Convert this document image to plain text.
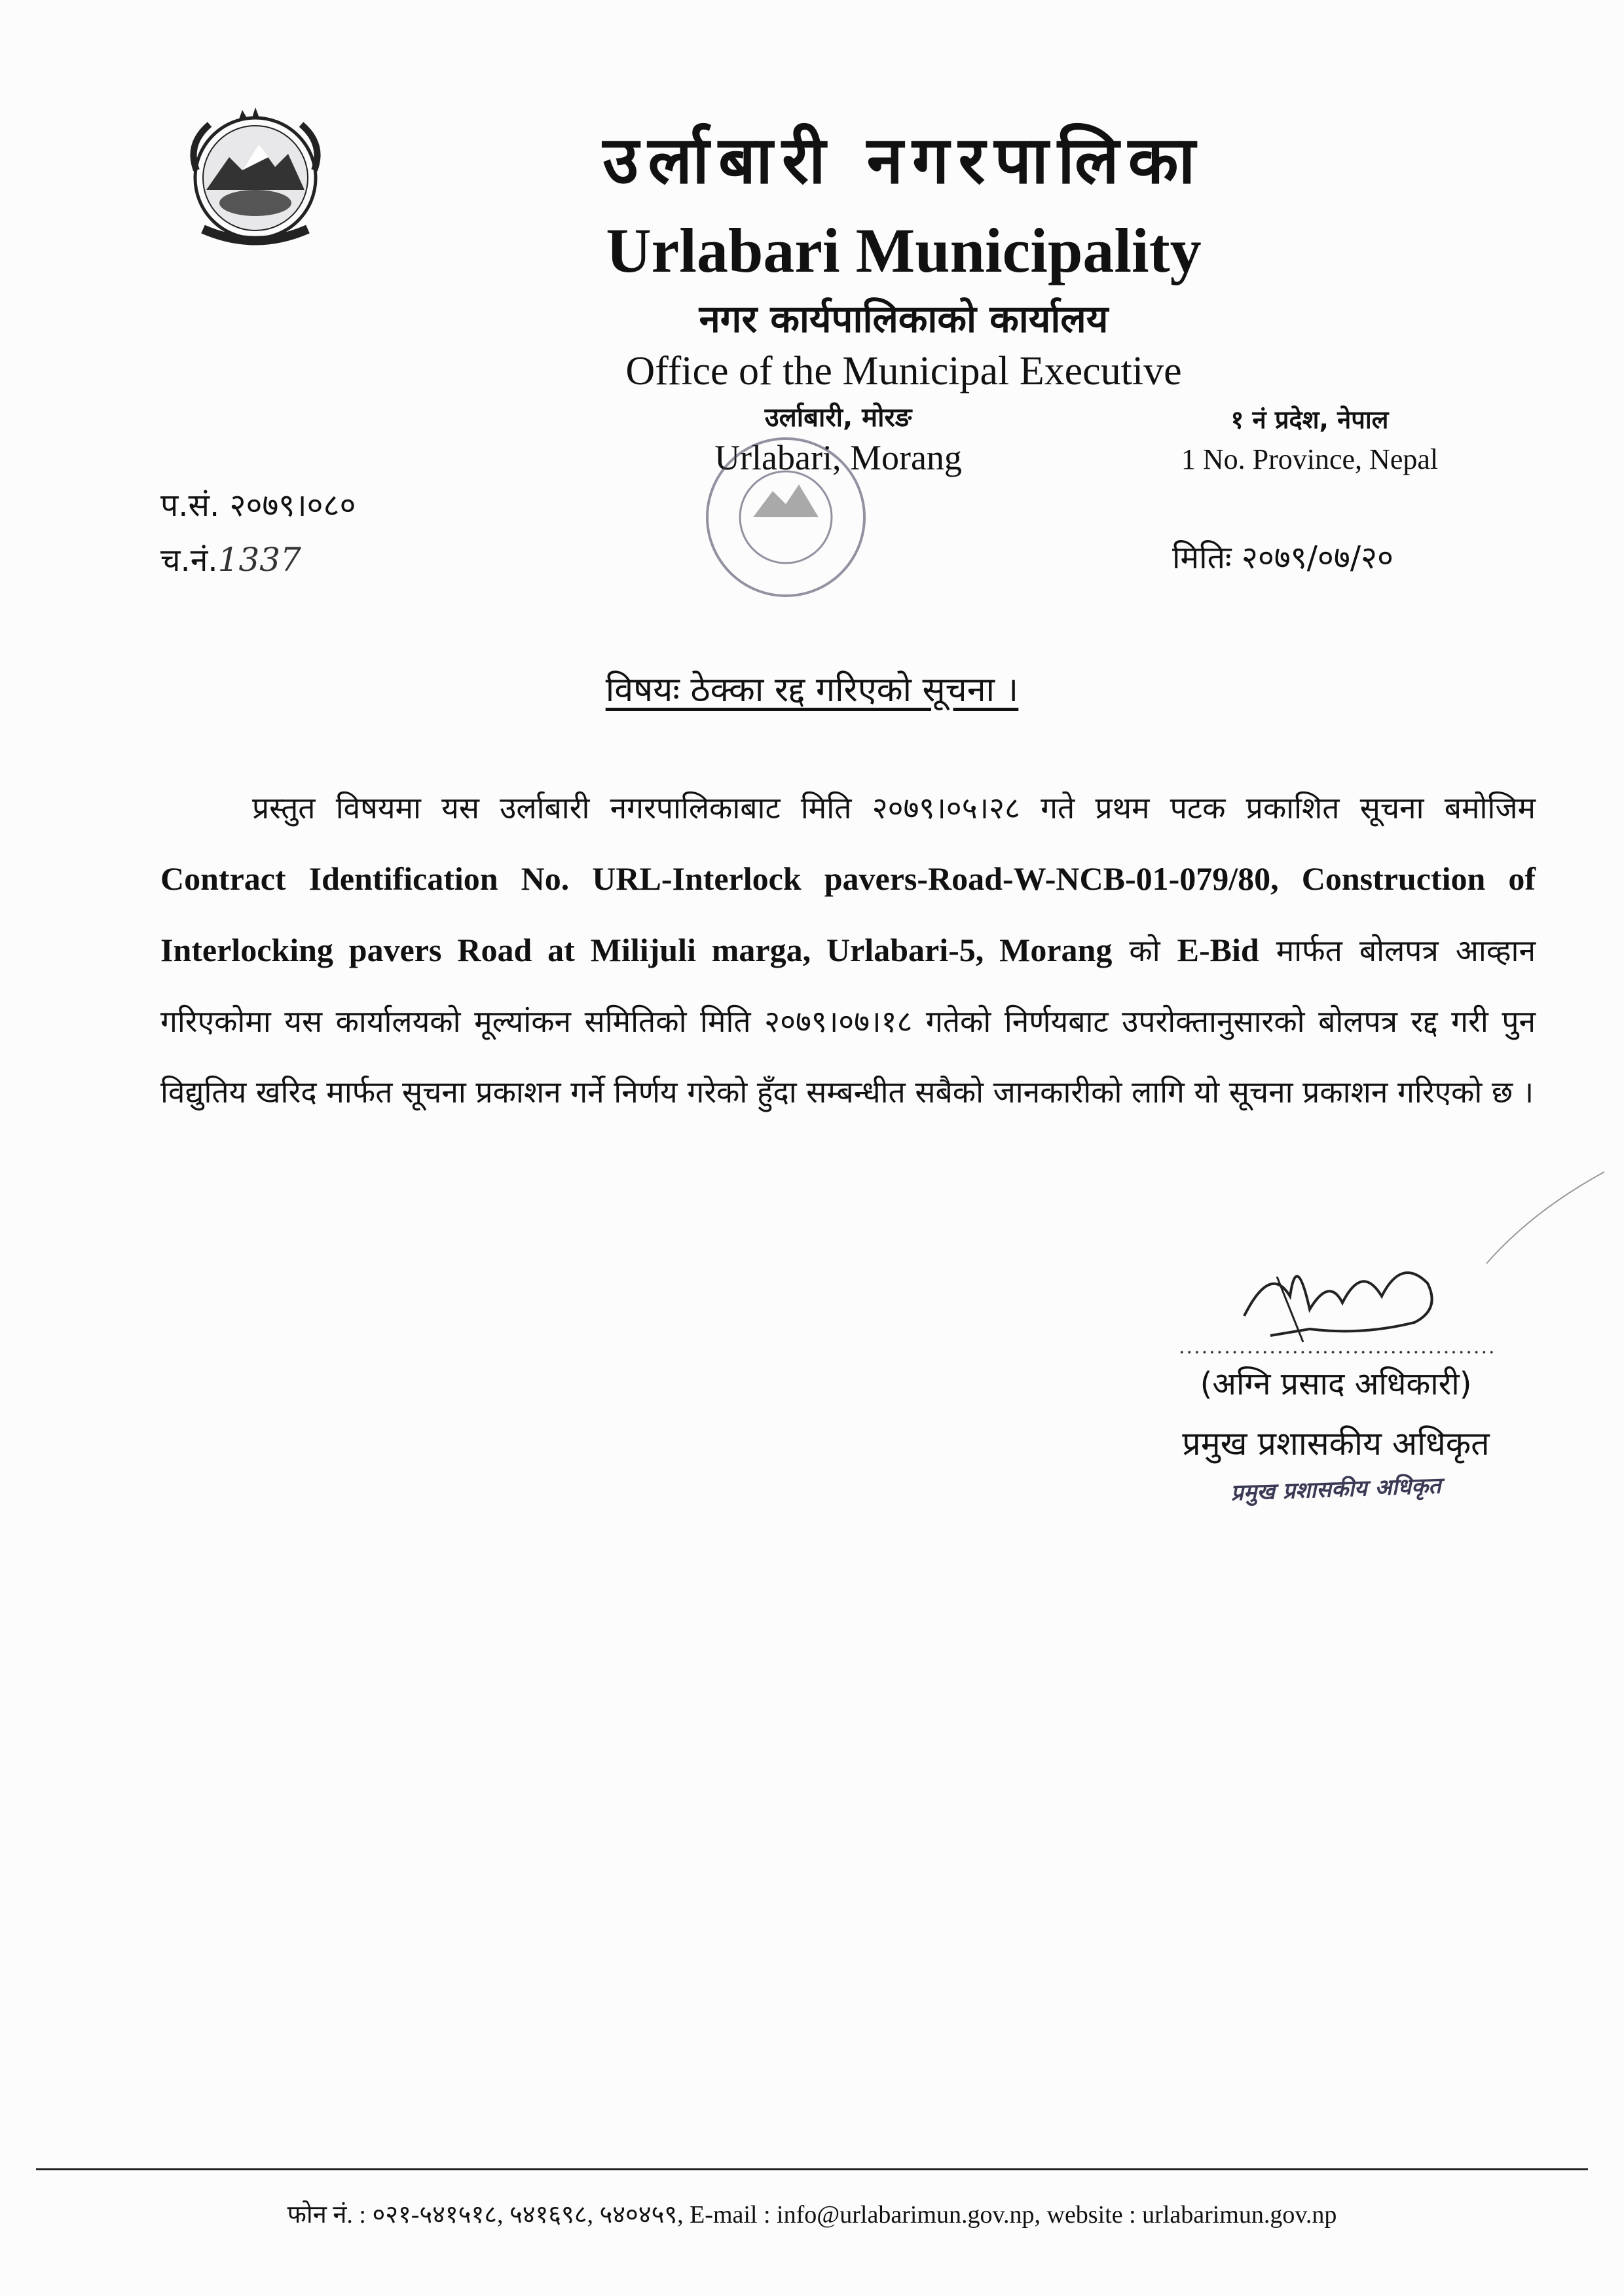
उर्लाबारी नगरपालिका
Urlabari Municipality
नगर कार्यपालिकाको कार्यालय
Office of the Municipal Executive
उर्लाबारी, मोरङ
Urlabari, Morang
१ नं प्रदेश, नेपाल
1 No. Province, Nepal
प.सं. २०७९।०८०
च.नं.1337	मितिः २०७९/०७/२०
विषयः ठेक्का रद्द गरिएको सूचना ।
प्रस्तुत विषयमा यस उर्लाबारी नगरपालिकाबाट मिति २०७९।०५।२८ गते प्रथम पटक प्रकाशित सूचना बमोजिम Contract Identification No. URL-Interlock pavers-Road-W-NCB-01-079/80, Construction of Interlocking pavers Road at Milijuli marga, Urlabari-5, Morang को E-Bid मार्फत बोलपत्र आव्हान गरिएकोमा यस कार्यालयको मूल्यांकन समितिको मिति २०७९।०७।१८ गतेको निर्णयबाट उपरोक्तानुसारको बोलपत्र रद्द गरी पुन विद्युतिय खरिद मार्फत सूचना प्रकाशन गर्ने निर्णय गरेको हुँदा सम्बन्धीत सबैको जानकारीको लागि यो सूचना प्रकाशन गरिएको छ ।
..........................................
(अग्नि प्रसाद अधिकारी)
प्रमुख प्रशासकीय अधिकृत
प्रमुख प्रशासकीय अधिकृत
फोन नं. : ०२१-५४१५१८, ५४१६९८, ५४०४५९, E-mail : info@urlabarimun.gov.np, website : urlabarimun.gov.np
